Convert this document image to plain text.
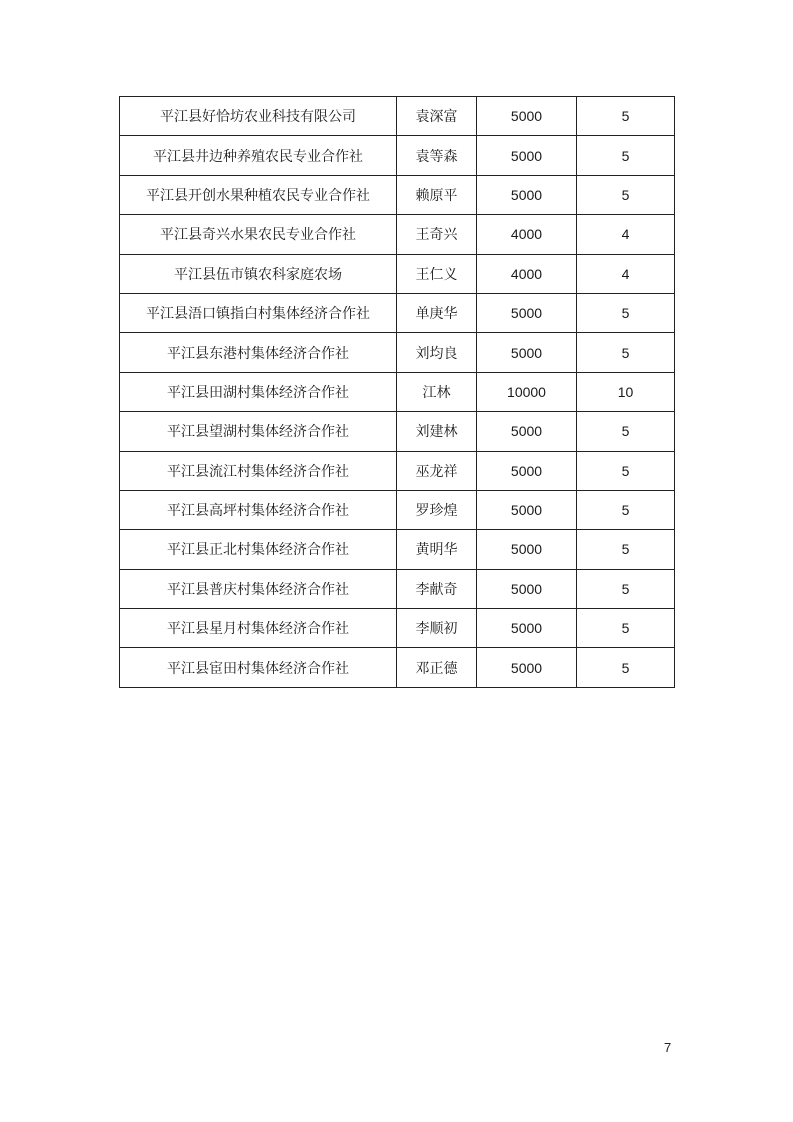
平江县好恰坊农业科技有限公司	袁深富	5000	5
平江县井边种养殖农民专业合作社	袁等森	5000	5
平江县开创水果种植农民专业合作社	赖原平	5000	5
平江县奇兴水果农民专业合作社	王奇兴	4000	4
平江县伍市镇农科家庭农场	王仁义	4000	4
平江县浯口镇指白村集体经济合作社	单庚华	5000	5
平江县东港村集体经济合作社	刘均良	5000	5
平江县田湖村集体经济合作社	江林	10000	10
平江县望湖村集体经济合作社	刘建林	5000	5
平江县流江村集体经济合作社	巫龙祥	5000	5
平江县高坪村集体经济合作社	罗珍煌	5000	5
平江县正北村集体经济合作社	黄明华	5000	5
平江县普庆村集体经济合作社	李献奇	5000	5
平江县星月村集体经济合作社	李顺初	5000	5
平江县宦田村集体经济合作社	邓正德	5000	5
7
